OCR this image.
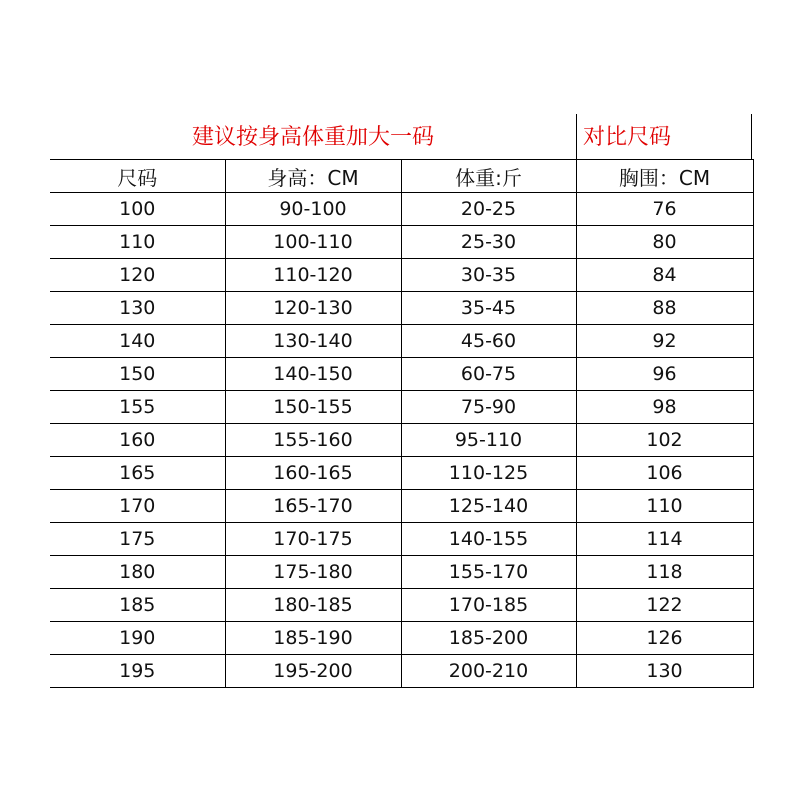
建议按身高体重加大一码	对比尺码
尺码	身高：CM	体重:斤	胸围：CM
100	90-100	20-25	76
110	100-110	25-30	80
120	110-120	30-35	84
130	120-130	35-45	88
140	130-140	45-60	92
150	140-150	60-75	96
155	150-155	75-90	98
160	155-160	95-110	102
165	160-165	110-125	106
170	165-170	125-140	110
175	170-175	140-155	114
180	175-180	155-170	118
185	180-185	170-185	122
190	185-190	185-200	126
195	195-200	200-210	130
